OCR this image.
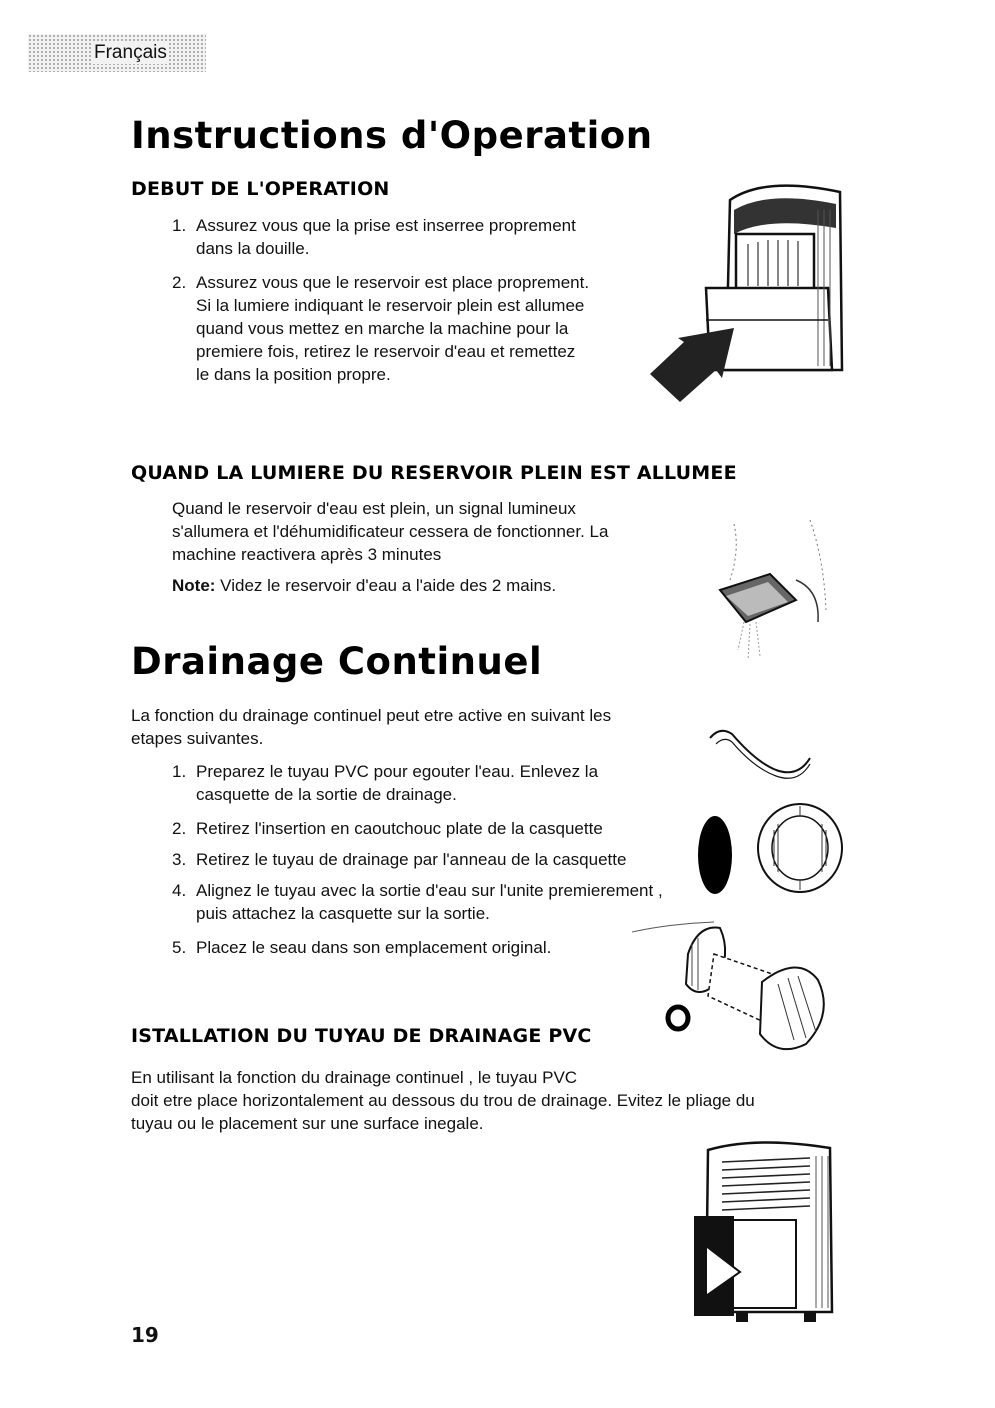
Français
Instructions d'Operation
DEBUT DE L'OPERATION
1. Assurez vous que la prise est inserree proprement
dans la douille.
2. Assurez vous que le reservoir est place proprement.
Si la lumiere indiquant le reservoir plein est allumee
quand vous mettez en marche la machine pour la
premiere fois, retirez le reservoir d'eau et remettez
le dans la position propre.
QUAND LA LUMIERE DU RESERVOIR PLEIN EST ALLUMEE
Quand le reservoir d'eau est plein, un signal lumineux
s'allumera et l'déhumidificateur cessera de fonctionner. La
machine reactivera après 3 minutes
Note: Videz le reservoir d'eau a l'aide des 2 mains.
Drainage Continuel
La fonction du drainage continuel peut etre active en suivant les
etapes suivantes.
1. Preparez le tuyau PVC pour egouter l'eau. Enlevez la
casquette de la sortie de drainage.
2. Retirez l'insertion en caoutchouc plate de la casquette
3. Retirez le tuyau de drainage par l'anneau de la casquette
4. Alignez le tuyau avec la sortie d'eau sur l'unite premierement ,
puis attachez la casquette sur la sortie.
5. Placez le seau dans son emplacement original.
ISTALLATION DU TUYAU DE DRAINAGE PVC
En utilisant la fonction du drainage continuel , le tuyau PVC
doit etre place horizontalement au dessous du trou de drainage. Evitez le pliage du
tuyau ou le placement sur une surface inegale.
19
